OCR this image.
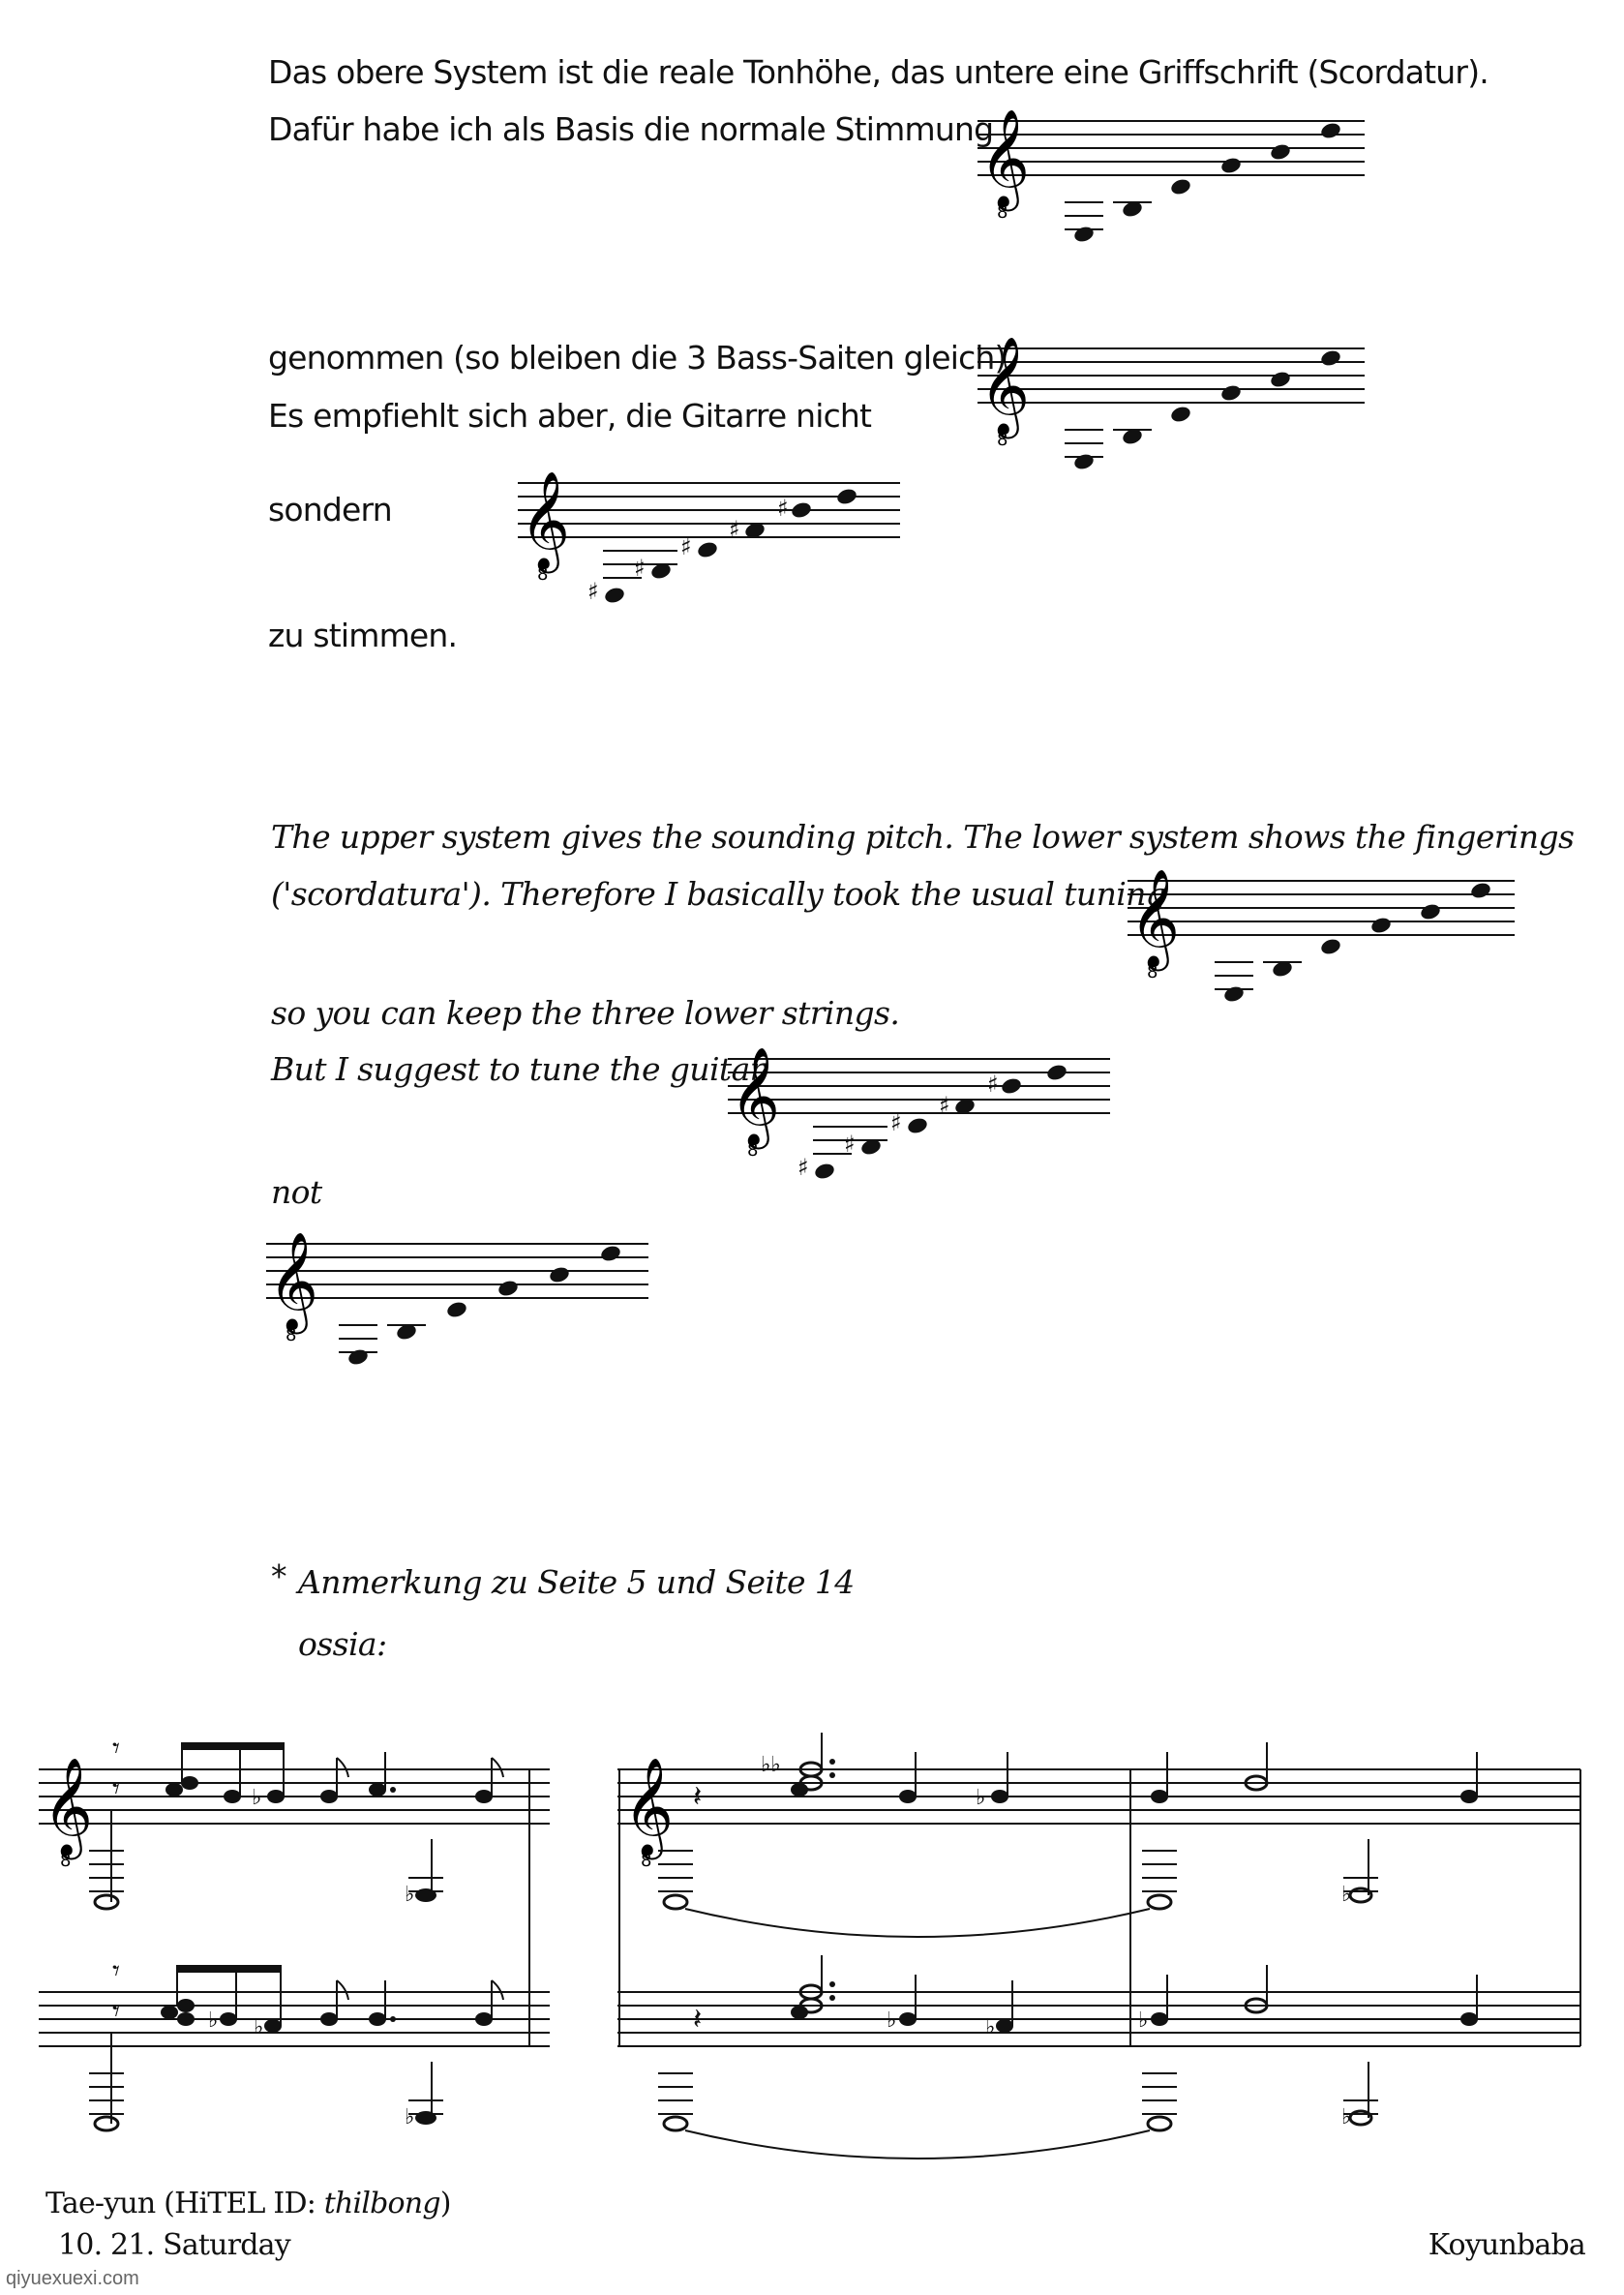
Das obere System ist die reale Tonhöhe, das untere eine Griffschrift (Scordatur).
Dafür habe ich als Basis die normale Stimmung
genommen (so bleiben die 3 Bass-Saiten gleich).
Es empfiehlt sich aber, die Gitarre nicht
sondern
zu stimmen.
𝄞
8
𝄞
8
𝄞
8
♯
♯
♯
♯
♯
The upper system gives the sounding pitch. The lower system shows the fingerings
('scordatura'). Therefore I basically took the usual tuning
so you can keep the three lower strings.
But I suggest to tune the guitar
not
𝄞
8
𝄞
8
♯
♯
♯
♯
♯
𝄞
8
* Anmerkung zu Seite 5 und Seite 14
ossia:
𝄞
8
𝄾
𝄾
𝄾
𝄾
♭
♭ ♭
♭
♭
𝄞
8
𝄽
𝄽
♭♭
♭
♭	♭	♭
♭
♭
Tae-yun (HiTEL ID: thilbong)
10. 21. Saturday	Koyunbaba
qiyuexuexi.com
